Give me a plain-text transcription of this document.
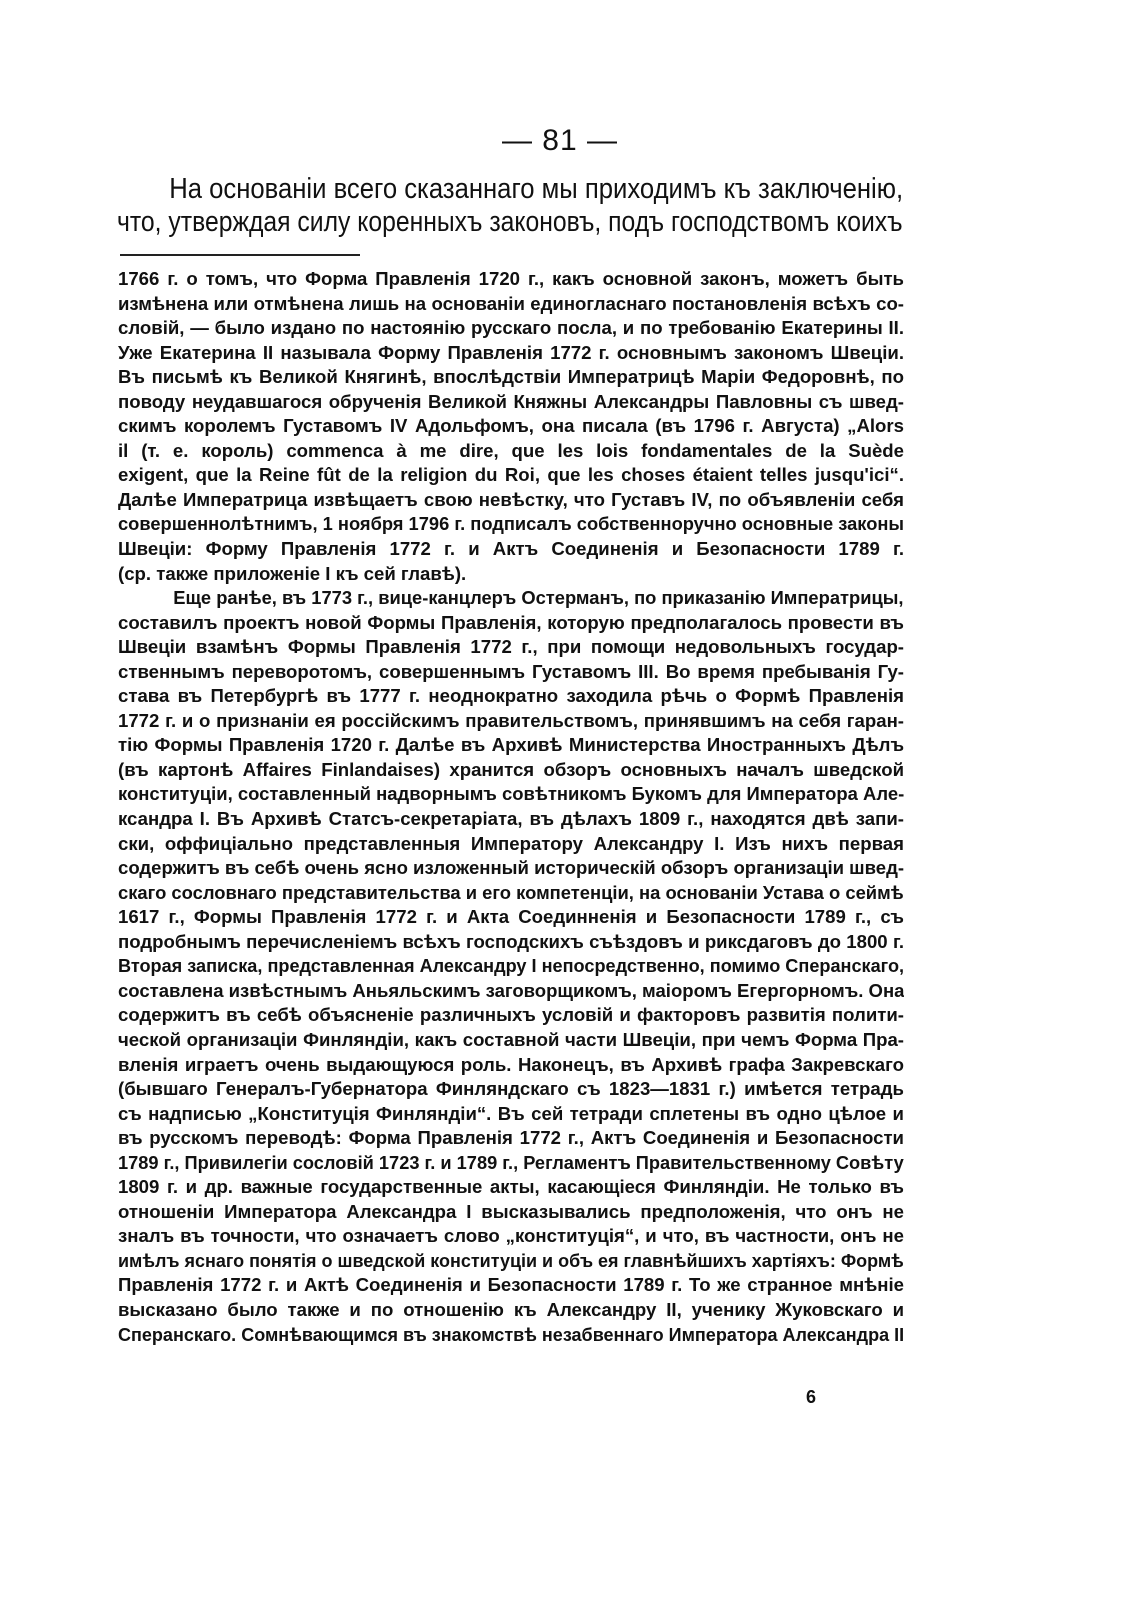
— 81 —
На основаніи всего сказаннаго мы приходимъ къ заключенію,
что, утверждая силу коренныхъ законовъ, подъ господствомъ коихъ
1766 г. о томъ, что Форма Правленія 1720 г., какъ основной законъ, можетъ быть
измѣнена или отмѣнена лишь на основаніи единогласнаго постановленія всѣхъ со-
словій, — было издано по настоянію русскаго посла, и по требованію Екатерины II.
Уже Екатерина II называла Форму Правленія 1772 г. основнымъ закономъ Швеціи.
Въ письмѣ къ Великой Княгинѣ, впослѣдствіи Императрицѣ Маріи Федоровнѣ, по
поводу неудавшагося обрученія Великой Княжны Александры Павловны съ швед-
скимъ королемъ Густавомъ IV Адольфомъ, она писала (въ 1796 г. Августа) „Alors
il (т. е. король) commenca à me dire, que les lois fondamentales de la Suède
exigent, que la Reine fût de la religion du Roi, que les choses étaient telles jusqu'ici“.
Далѣе Императрица извѣщаетъ свою невѣстку, что Густавъ IV, по объявленіи себя
совершеннолѣтнимъ, 1 ноября 1796 г. подписалъ собственноручно основные законы
Швеціи: Форму Правленія 1772 г. и Актъ Соединенія и Безопасности 1789 г.
(ср. также приложеніе I къ сей главѣ).
Еще ранѣе, въ 1773 г., вице-канцлеръ Остерманъ, по приказанію Императрицы,
составилъ проектъ новой Формы Правленія, которую предполагалось провести въ
Швеціи взамѣнъ Формы Правленія 1772 г., при помощи недовольныхъ государ-
ственнымъ переворотомъ, совершеннымъ Густавомъ III. Во время пребыванія Гу-
става въ Петербургѣ въ 1777 г. неоднократно заходила рѣчь о Формѣ Правленія
1772 г. и о признаніи ея россійскимъ правительствомъ, принявшимъ на себя гаран-
тію Формы Правленія 1720 г. Далѣе въ Архивѣ Министерства Иностранныхъ Дѣлъ
(въ картонѣ Affaires Finlandaises) хранится обзоръ основныхъ началъ шведской
конституціи, составленный надворнымъ совѣтникомъ Букомъ для Императора Але-
ксандра I. Въ Архивѣ Статсъ-секретаріата, въ дѣлахъ 1809 г., находятся двѣ запи-
ски, оффиціально представленныя Императору Александру I. Изъ нихъ первая
содержитъ въ себѣ очень ясно изложенный историческій обзоръ организаціи швед-
скаго сословнаго представительства и его компетенціи, на основаніи Устава о сеймѣ
1617 г., Формы Правленія 1772 г. и Акта Соединненія и Безопасности 1789 г., съ
подробнымъ перечисленіемъ всѣхъ господскихъ съѣздовъ и риксдаговъ до 1800 г.
Вторая записка, представленная Александру I непосредственно, помимо Сперанскаго,
составлена извѣстнымъ Аньяльскимъ заговорщикомъ, маіоромъ Егергорномъ. Она
содержитъ въ себѣ объясненіе различныхъ условій и факторовъ развитія полити-
ческой организаціи Финляндіи, какъ составной части Швеціи, при чемъ Форма Пра-
вленія играетъ очень выдающуюся роль. Наконецъ, въ Архивѣ графа Закревскаго
(бывшаго Генералъ-Губернатора Финляндскаго съ 1823—1831 г.) имѣется тетрадь
съ надписью „Конституція Финляндіи“. Въ сей тетради сплетены въ одно цѣлое и
въ русскомъ переводѣ: Форма Правленія 1772 г., Актъ Соединенія и Безопасности
1789 г., Привилегіи сословій 1723 г. и 1789 г., Регламентъ Правительственному Совѣту
1809 г. и др. важные государственные акты, касающіеся Финляндіи. Не только въ
отношеніи Императора Александра I высказывались предположенія, что онъ не
зналъ въ точности, что означаетъ слово „конституція“, и что, въ частности, онъ не
имѣлъ яснаго понятія о шведской конституціи и объ ея главнѣйшихъ хартіяхъ: Формѣ
Правленія 1772 г. и Актѣ Соединенія и Безопасности 1789 г. То же странное мнѣніе
высказано было также и по отношенію къ Александру II, ученику Жуковскаго и
Сперанскаго. Сомнѣвающимся въ знакомствѣ незабвеннаго Императора Александра II
6
